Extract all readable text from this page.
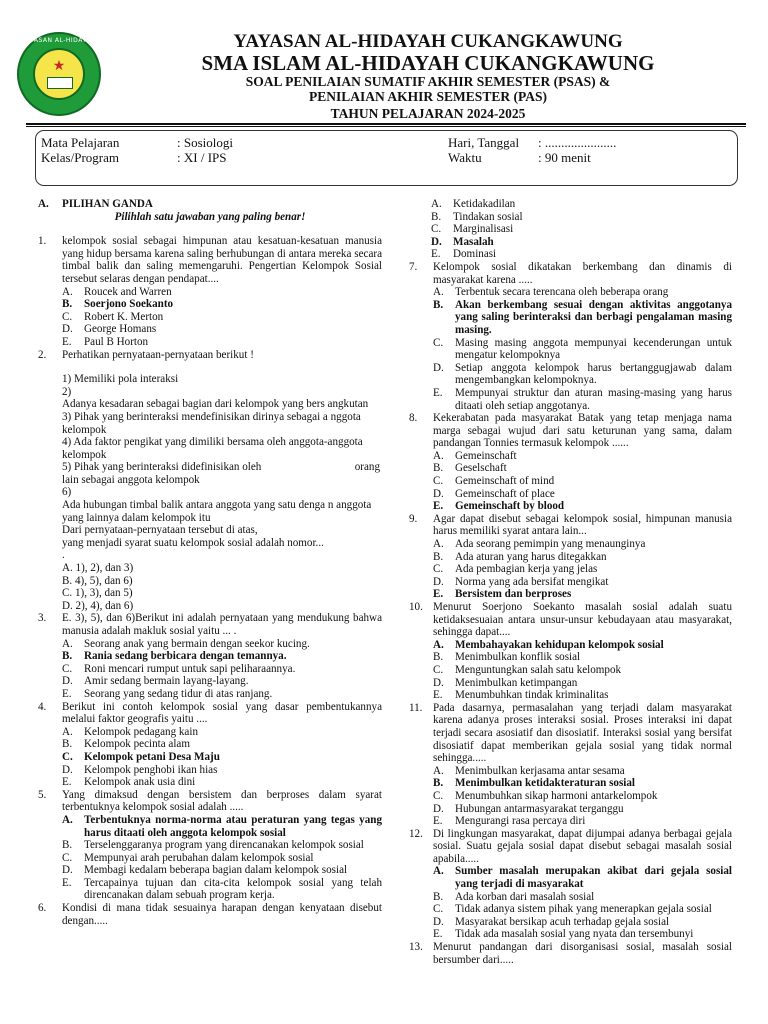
YAYASAN AL-HIDAYAH
★
YAYASAN AL-HIDAYAH CUKANGKAWUNG
SMA ISLAM AL-HIDAYAH CUKANGKAWUNG
SOAL PENILAIAN SUMATIF AKHIR SEMESTER (PSAS) &
PENILAIAN AKHIR SEMESTER (PAS)
TAHUN PELAJARAN 2024-2025
Mata Pelajaran	: Sosiologi
Kelas/Program	: XI / IPS
Hari, Tanggal : ......................
Waktu	: 90 menit
A.	PILIHAN GANDA
Pilihlah satu jawaban yang paling benar!
1.	kelompok sosial sebagai himpunan atau kesatuan-kesatuan manusia yang hidup bersama karena saling berhubungan di antara mereka secara timbal balik dan saling memengaruhi. Pengertian Kelompok Sosial tersebut selaras dengan pendapat....
A.	Roucek and Warren
B.	Soerjono Soekanto
C.	Robert K. Merton
D.	George Homans
E.	Paul B Horton
2.	Perhatikan pernyataan-pernyataan berikut !
1) Memiliki pola interaksi
2)
Adanya kesadaran sebagai bagian dari kelompok yang bers angkutan
3) Pihak yang berinteraksi mendefinisikan dirinya sebagai a nggota kelompok
4) Ada faktor pengikat yang dimiliki bersama oleh anggota-anggota kelompok
5) Pihak yang berinteraksi didefinisikan oleh	orang
lain sebagai anggota kelompok
6)
Ada hubungan timbal balik antara anggota yang satu denga n anggota yang lainnya dalam kelompok itu
Dari pernyataan-pernyataan tersebut di atas,
yang menjadi syarat suatu kelompok sosial adalah nomor...
.
A. 1), 2), dan 3)
B. 4), 5), dan 6)
C. 1), 3), dan 5)
D. 2), 4), dan 6)
3.	E. 3), 5), dan 6)Berikut ini adalah pernyataan yang mendukung bahwa manusia adalah makluk sosial yaitu ... .
A.	Seorang anak yang bermain dengan seekor kucing.
B.	Rania sedang berbicara dengan temannya.
C.	Roni mencari rumput untuk sapi peliharaannya.
D.	Amir sedang bermain layang-layang.
E.	Seorang yang sedang tidur di atas ranjang.
4.	Berikut ini contoh kelompok sosial yang dasar pembentukannya melalui faktor geografis yaitu ....
A.	Kelompok pedagang kain
B.	Kelompok pecinta alam
C.	Kelompok petani Desa Maju
D.	Kelompok penghobi ikan hias
E.	Kelompok anak usia dini
5.	Yang dimaksud dengan bersistem dan berproses dalam syarat terbentuknya kelompok sosial adalah .....
A.	Terbentuknya norma-norma atau peraturan yang tegas yang harus ditaati oleh anggota kelompok sosial
B.	Terselenggaranya program yang direncanakan kelompok sosial
C.	Mempunyai arah perubahan dalam kelompok sosial
D.	Membagi kedalam beberapa bagian dalam kelompok sosial
E.	Tercapainya tujuan dan cita-cita kelompok sosial yang telah direncanakan dalam sebuah program kerja.
6.	Kondisi di mana tidak sesuainya harapan dengan kenyataan disebut dengan.....
A.	Ketidakadilan
B.	Tindakan sosial
C.	Marginalisasi
D.	Masalah
E.	Dominasi
7.	Kelompok sosial dikatakan berkembang dan dinamis di masyarakat karena .....
A.	Terbentuk secara terencana oleh beberapa orang
B.	Akan berkembang sesuai dengan aktivitas anggotanya yang saling berinteraksi dan berbagi pengalaman masing masing.
C.	Masing masing anggota mempunyai kecenderungan untuk mengatur kelompoknya
D.	Setiap anggota kelompok harus bertanggugjawab dalam mengembangkan kelompoknya.
E.	Mempunyai struktur dan aturan masing-masing yang harus ditaati oleh setiap anggotanya.
8.	Kekerabatan pada masyarakat Batak yang tetap menjaga nama marga sebagai wujud dari satu keturunan yang sama, dalam pandangan Tonnies termasuk kelompok ......
A.	Gemeinschaft
B.	Geselschaft
C.	Gemeinschaft of mind
D.	Gemeinschaft of place
E.	Gemeinschaft by blood
9.	Agar dapat disebut sebagai kelompok sosial, himpunan manusia harus memiliki syarat antara lain...
A.	Ada seorang pemimpin yang menaunginya
B.	Ada aturan yang harus ditegakkan
C.	Ada pembagian kerja yang jelas
D.	Norma yang ada bersifat mengikat
E.	Bersistem dan berproses
10. Menurut Soerjono Soekanto masalah sosial adalah suatu ketidaksesuaian antara unsur-unsur kebudayaan atau masyarakat, sehingga dapat....
A.	Membahayakan kehidupan kelompok sosial
B.	Menimbulkan konflik sosial
C.	Menguntungkan salah satu kelompok
D.	Menimbulkan ketimpangan
E.	Menumbuhkan tindak kriminalitas
11. Pada dasarnya, permasalahan yang terjadi dalam masyarakat karena adanya proses interaksi sosial. Proses interaksi ini dapat terjadi secara asosiatif dan disosiatif. Interaksi sosial yang bersifat disosiatif dapat memberikan gejala sosial yang tidak normal sehingga.....
A.	Menimbulkan kerjasama antar sesama
B.	Menimbulkan ketidakteraturan sosial
C.	Menumbuhkan sikap harmoni antarkelompok
D.	Hubungan antarmasyarakat terganggu
E.	Mengurangi rasa percaya diri
12. Di lingkungan masyarakat, dapat dijumpai adanya berbagai gejala sosial. Suatu gejala sosial dapat disebut sebagai masalah sosial apabila.....
A.	Sumber masalah merupakan akibat dari gejala sosial yang terjadi di masyarakat
B.	Ada korban dari masalah sosial
C.	Tidak adanya sistem pihak yang menerapkan gejala sosial
D.	Masyarakat bersikap acuh terhadap gejala sosial
E.	Tidak ada masalah sosial yang nyata dan tersembunyi
13. Menurut pandangan dari disorganisasi sosial, masalah sosial bersumber dari.....
